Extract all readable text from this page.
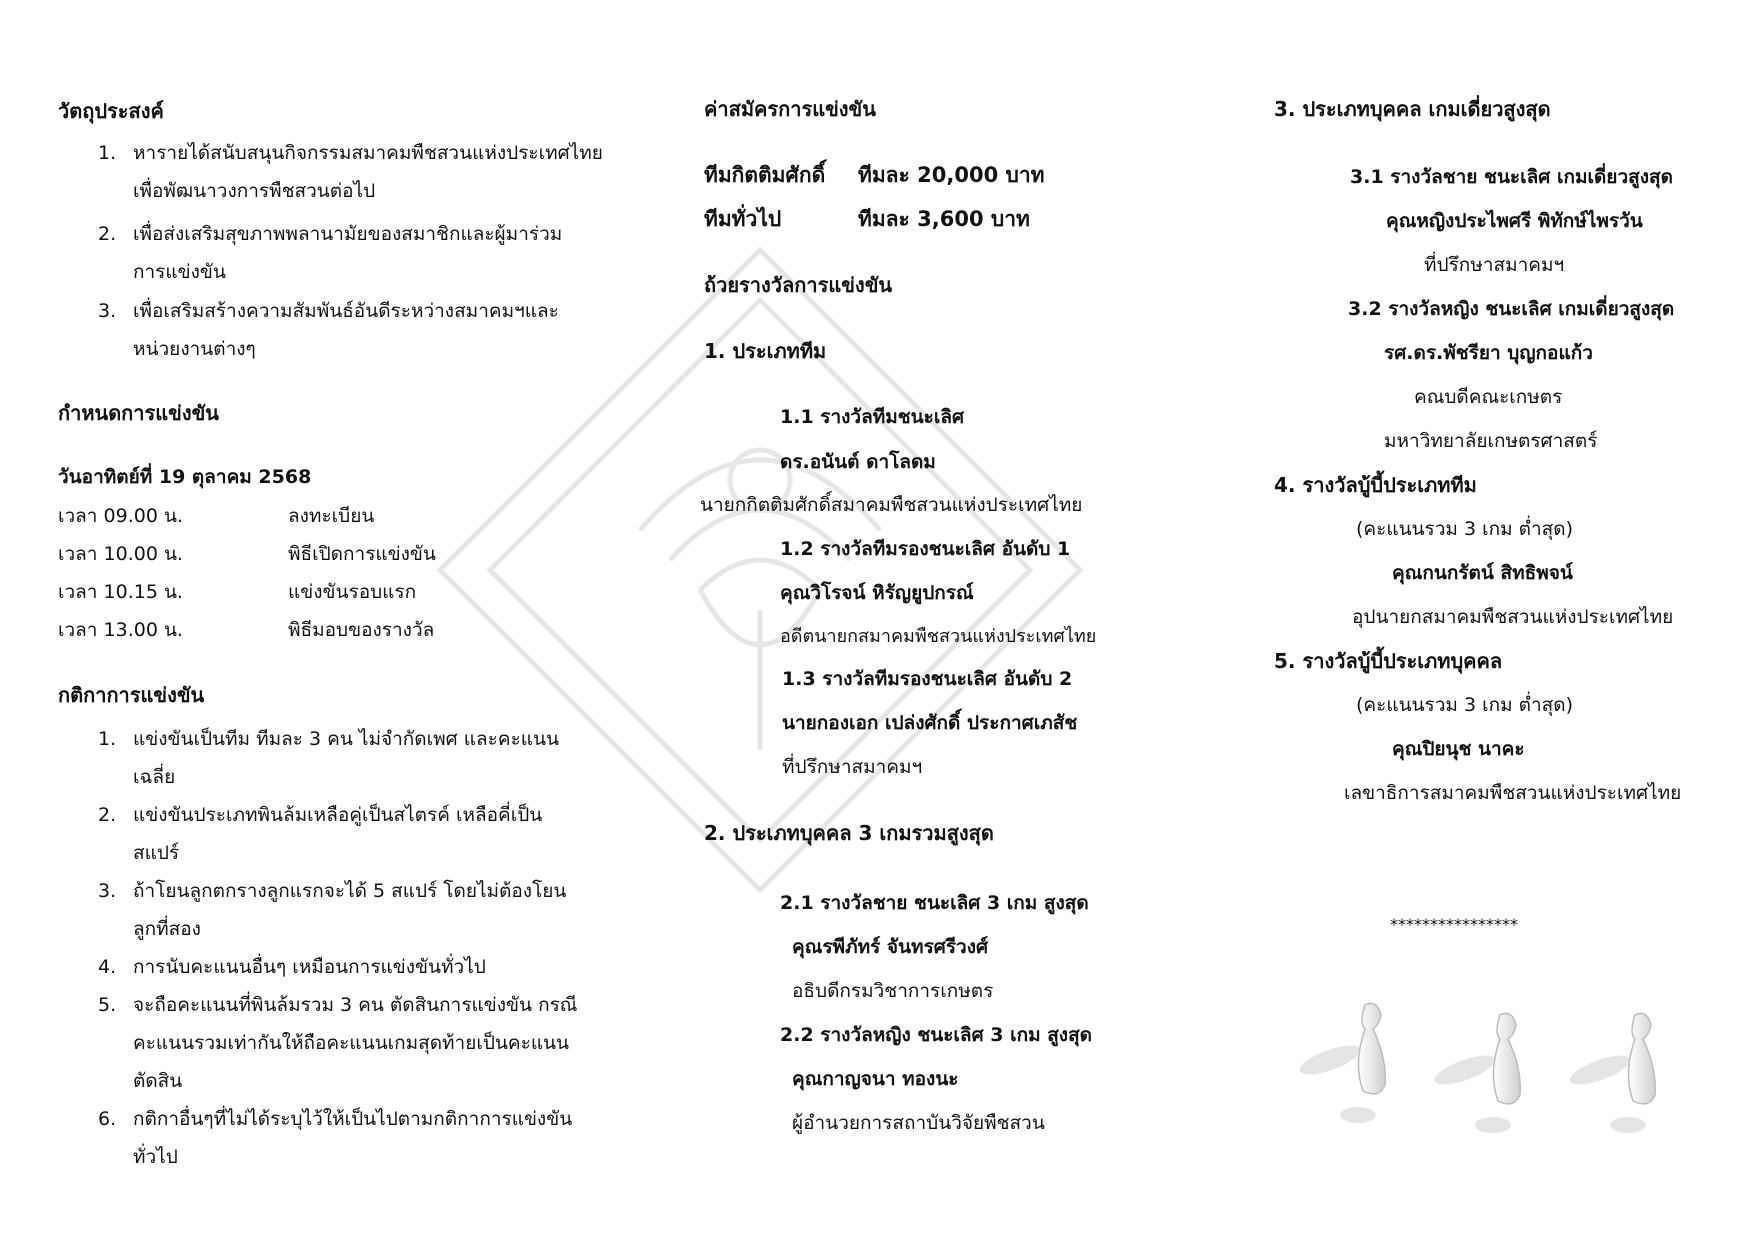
วัตถุประสงค์
1. หารายได้สนับสนุนกิจกรรมสมาคมพืชสวนแห่งประเทศไทย
เพื่อพัฒนาวงการพืชสวนต่อไป
2. เพื่อส่งเสริมสุขภาพพลานามัยของสมาชิกและผู้มาร่วม
การแข่งขัน
3. เพื่อเสริมสร้างความสัมพันธ์อันดีระหว่างสมาคมฯและ
หน่วยงานต่างๆ
กำหนดการแข่งขัน
วันอาทิตย์ที่ 19 ตุลาคม 2568
เวลา 09.00 น.	ลงทะเบียน
เวลา 10.00 น.	พิธีเปิดการแข่งขัน
เวลา 10.15 น.	แข่งขันรอบแรก
เวลา 13.00 น.	พิธีมอบของรางวัล
กติกาการแข่งขัน
1. แข่งขันเป็นทีม ทีมละ 3 คน ไม่จำกัดเพศ และคะแนน
เฉลี่ย
2. แข่งขันประเภทพินล้มเหลือคู่เป็นสไตรค์ เหลือคี่เป็น
สแปร์
3. ถ้าโยนลูกตกรางลูกแรกจะได้ 5 สแปร์ โดยไม่ต้องโยน
ลูกที่สอง
4. การนับคะแนนอื่นๆ เหมือนการแข่งขันทั่วไป
5. จะถือคะแนนที่พินล้มรวม 3 คน ตัดสินการแข่งขัน กรณี
คะแนนรวมเท่ากันให้ถือคะแนนเกมสุดท้ายเป็นคะแนน
ตัดสิน
6. กติกาอื่นๆที่ไม่ได้ระบุไว้ให้เป็นไปตามกติกาการแข่งขัน
ทั่วไป
ค่าสมัครการแข่งขัน
ทีมกิตติมศักดิ์ ทีมละ 20,000 บาท
ทีมทั่วไป	ทีมละ 3,600 บาท
ถ้วยรางวัลการแข่งขัน
1. ประเภททีม
1.1 รางวัลทีมชนะเลิศ
ดร.อนันต์ ดาโลดม
นายกกิตติมศักดิ์สมาคมพืชสวนแห่งประเทศไทย
1.2 รางวัลทีมรองชนะเลิศ อันดับ 1
คุณวิโรจน์ หิรัญยูปกรณ์
อดีตนายกสมาคมพืชสวนแห่งประเทศไทย
1.3 รางวัลทีมรองชนะเลิศ อันดับ 2
นายกองเอก เปล่งศักดิ์ ประกาศเภสัช
ที่ปรึกษาสมาคมฯ
2. ประเภทบุคคล 3 เกมรวมสูงสุด
2.1 รางวัลชาย ชนะเลิศ 3 เกม สูงสุด
คุณรพีภัทร์ จันทรศรีวงศ์
อธิบดีกรมวิชาการเกษตร
2.2 รางวัลหญิง ชนะเลิศ 3 เกม สูงสุด
คุณกาญจนา ทองนะ
ผู้อำนวยการสถาบันวิจัยพืชสวน
3. ประเภทบุคคล เกมเดี่ยวสูงสุด
3.1 รางวัลชาย ชนะเลิศ เกมเดี่ยวสูงสุด
คุณหญิงประไพศรี พิทักษ์ไพรวัน
ที่ปรึกษาสมาคมฯ
3.2 รางวัลหญิง ชนะเลิศ เกมเดี่ยวสูงสุด
รศ.ดร.พัชรียา บุญกอแก้ว
คณบดีคณะเกษตร
มหาวิทยาลัยเกษตรศาสตร์
4. รางวัลบู้บี้ประเภททีม
(คะแนนรวม 3 เกม ต่ำสุด)
คุณกนกรัตน์ สิทธิพจน์
อุปนายกสมาคมพืชสวนแห่งประเทศไทย
5. รางวัลบู้บี้ประเภทบุคคล
(คะแนนรวม 3 เกม ต่ำสุด)
คุณปิยนุช นาคะ
เลขาธิการสมาคมพืชสวนแห่งประเทศไทย
****************
